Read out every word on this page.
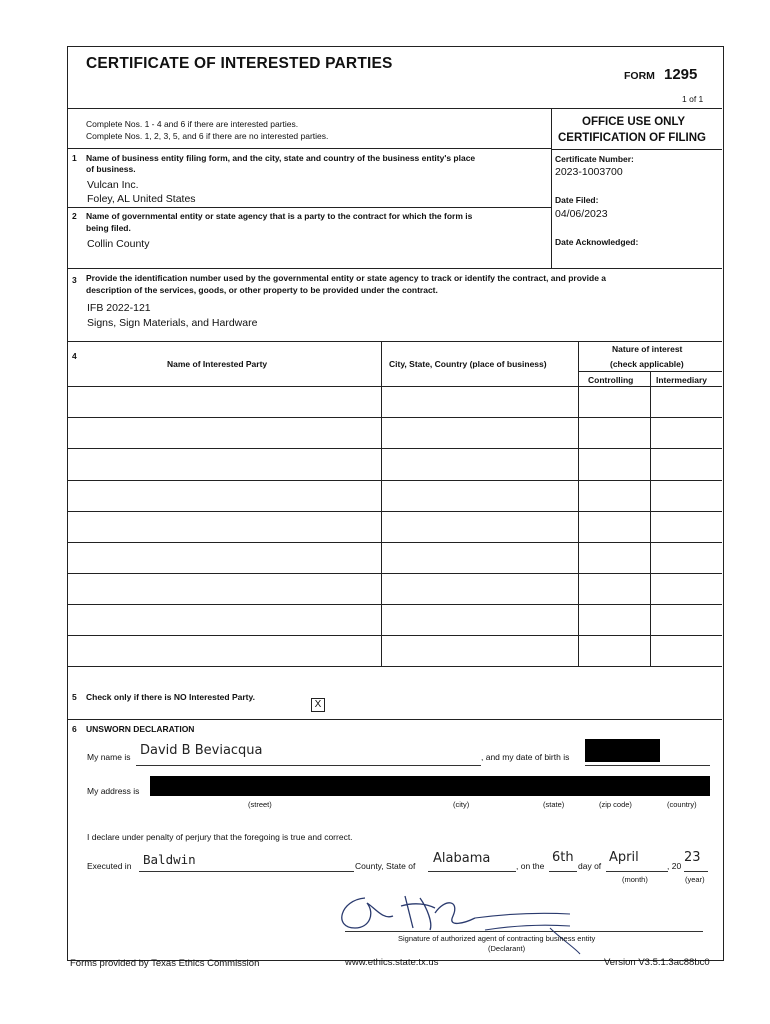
CERTIFICATE OF INTERESTED PARTIES
FORM 1295
1 of 1
Complete Nos. 1 - 4 and 6 if there are interested parties.
Complete Nos. 1, 2, 3, 5, and 6 if there are no interested parties.
OFFICE USE ONLY
CERTIFICATION OF FILING
Certificate Number:
2023-1003700
Date Filed:
04/06/2023
Date Acknowledged:
1 Name of business entity filing form, and the city, state and country of the business entity's place
of business.
Vulcan Inc.
Foley, AL United States
2 Name of governmental entity or state agency that is a party to the contract for which the form is
being filed.
Collin County
3 Provide the identification number used by the governmental entity or state agency to track or identify the contract, and provide a
description of the services, goods, or other property to be provided under the contract.
IFB 2022-121
Signs, Sign Materials, and Hardware
4
Name of Interested Party	City, State, Country (place of business)
Nature of interest
(check applicable)
Controlling	Intermediary
5 Check only if there is NO Interested Party.
X
6 UNSWORN DECLARATION
My name is David B Beviacqua	, and my date of birth is
My address is
(street)	(city)	(state)	(zip code)	(country)
I declare under penalty of perjury that the foregoing is true and correct.
Executed in Baldwin	County, State of Alabama	, on the
6th
day of
April
, 20
23
(month)	(year)
Signature of authorized agent of contracting business entity
(Declarant)
Forms provided by Texas Ethics Commission	www.ethics.state.tx.us	Version V3.5.1.3ac88bc0
